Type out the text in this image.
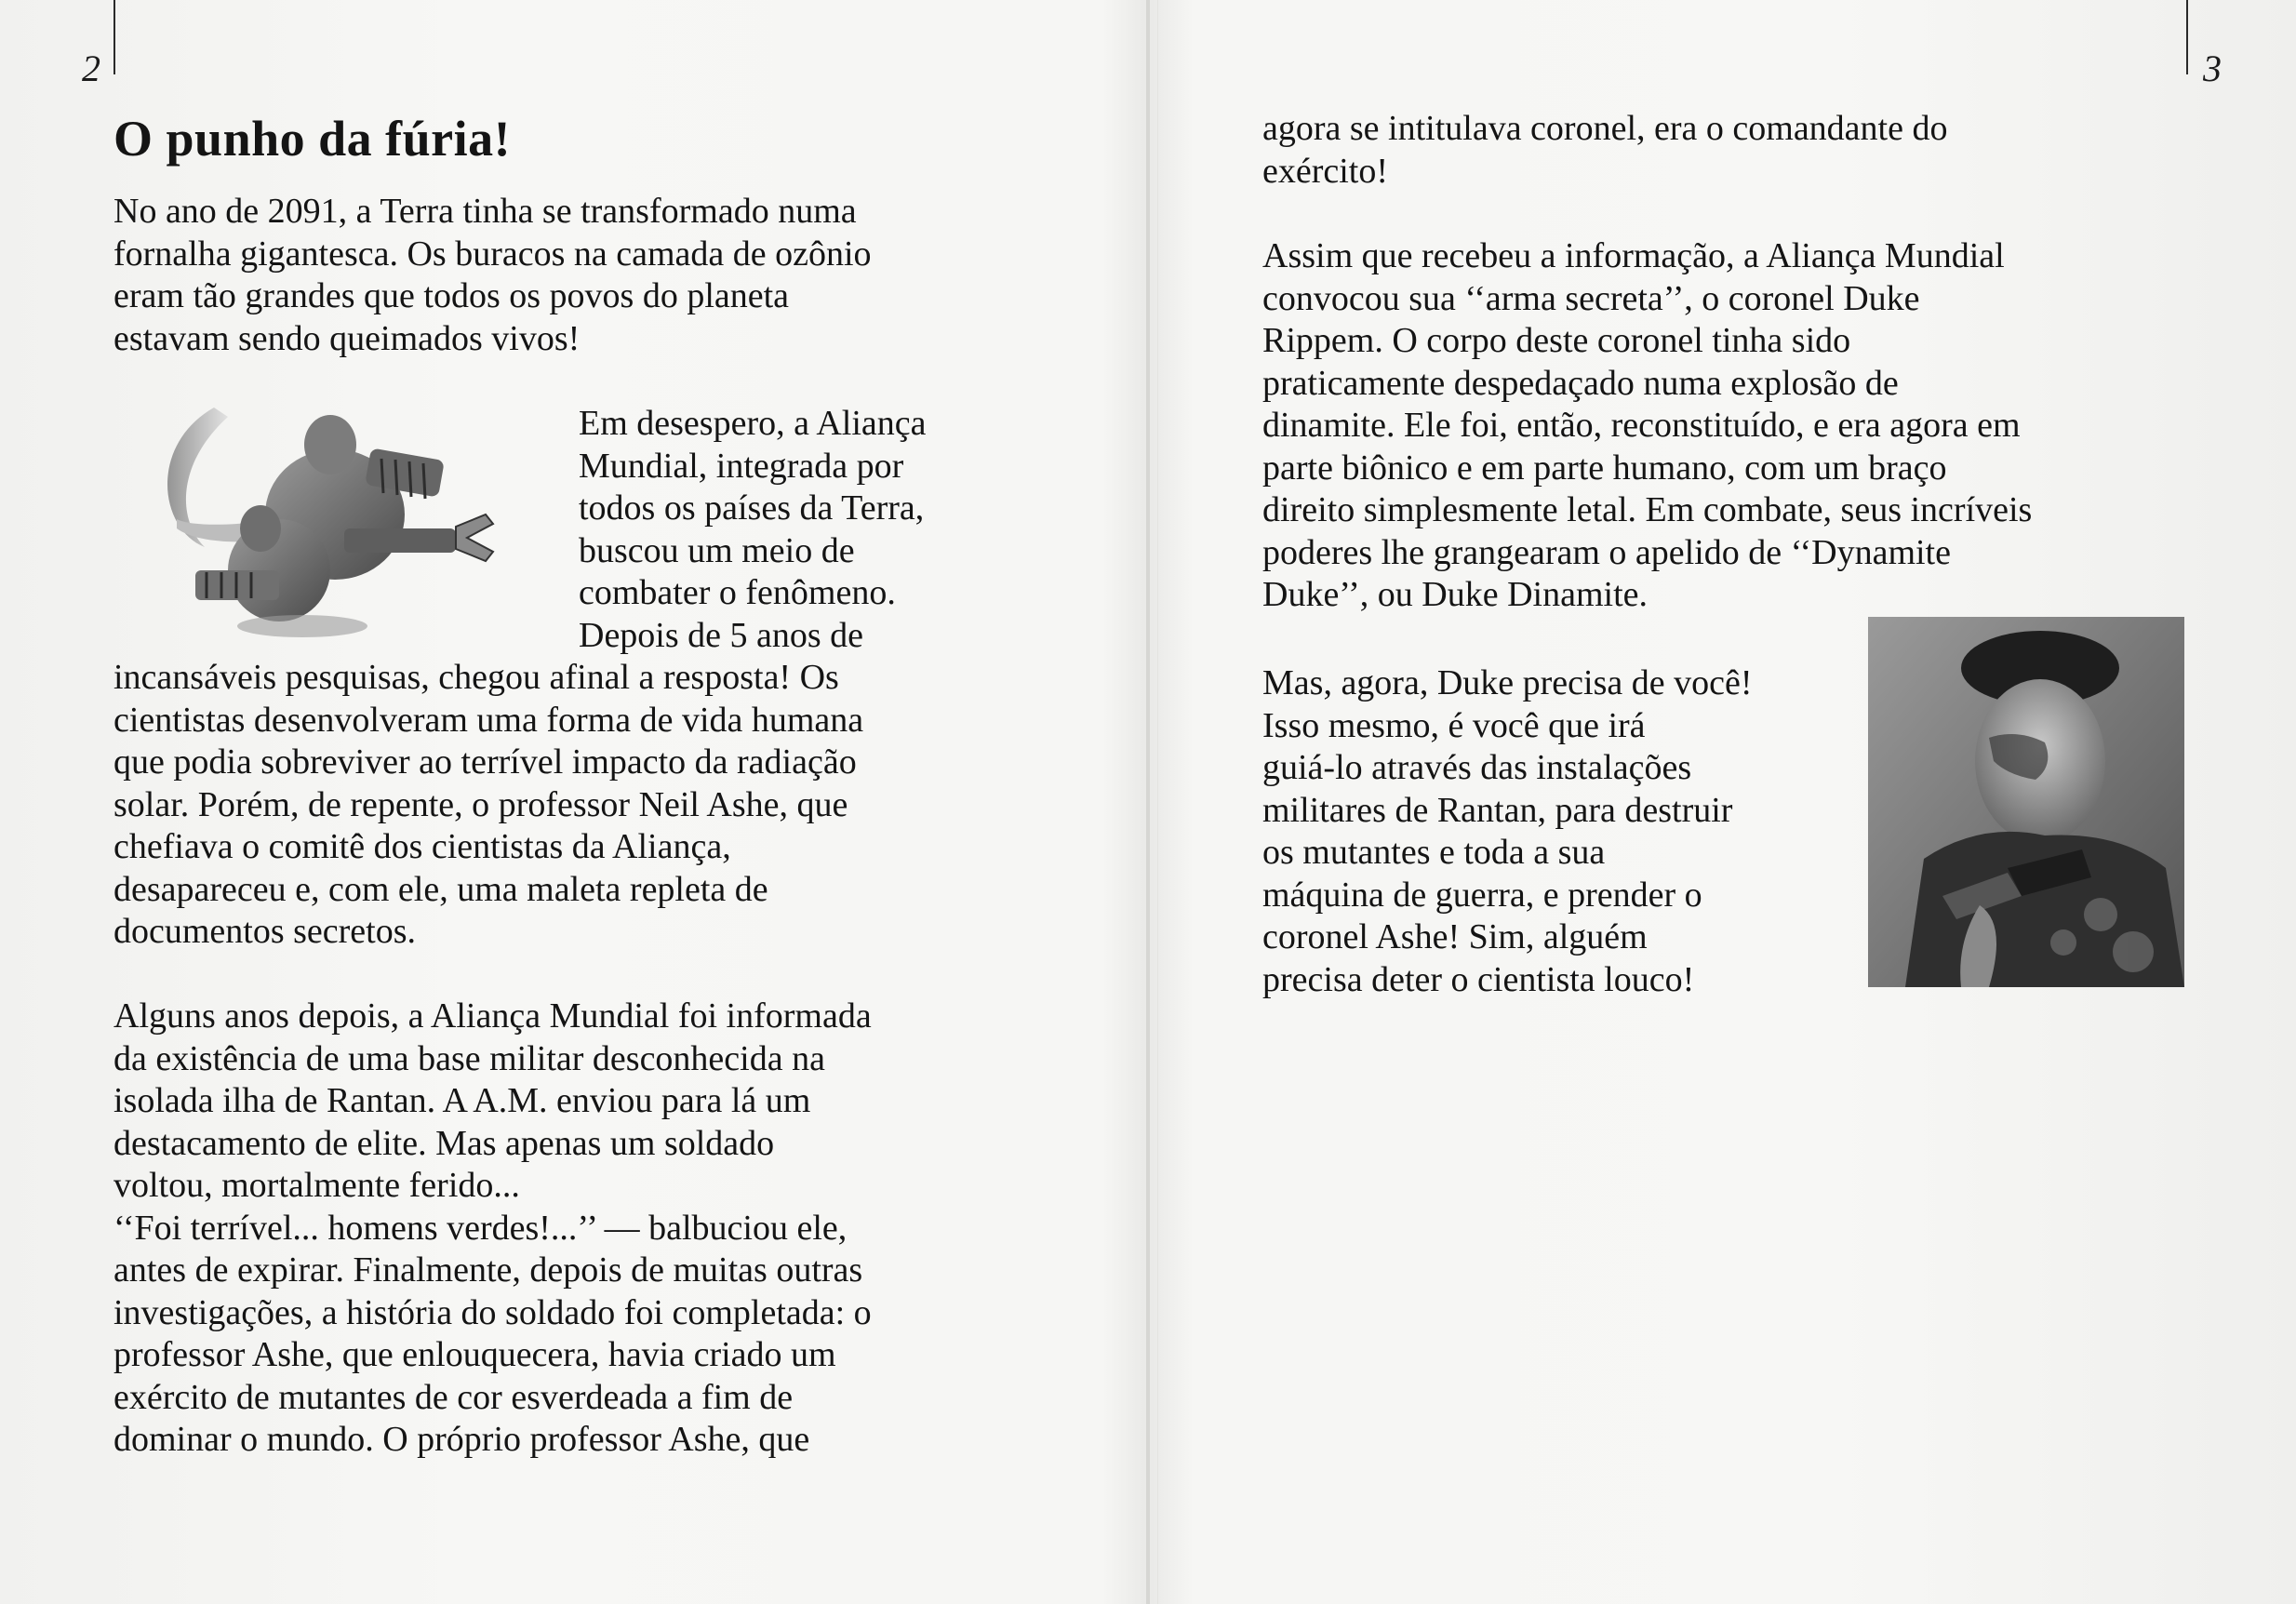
2	3
O punho da fúria!
No ano de 2091, a Terra tinha se transformado numa
fornalha gigantesca. Os buracos na camada de ozônio
eram tão grandes que todos os povos do planeta
estavam sendo queimados vivos!
Em desespero, a Aliança
Mundial, integrada por
todos os países da Terra,
buscou um meio de
combater o fenômeno.
Depois de 5 anos de
incansáveis pesquisas, chegou afinal a resposta! Os
cientistas desenvolveram uma forma de vida humana
que podia sobreviver ao terrível impacto da radiação
solar. Porém, de repente, o professor Neil Ashe, que
chefiava o comitê dos cientistas da Aliança,
desapareceu e, com ele, uma maleta repleta de
documentos secretos.
Alguns anos depois, a Aliança Mundial foi informada
da existência de uma base militar desconhecida na
isolada ilha de Rantan. A A.M. enviou para lá um
destacamento de elite. Mas apenas um soldado
voltou, mortalmente ferido...
‘‘Foi terrível... homens verdes!...’’ — balbuciou ele,
antes de expirar. Finalmente, depois de muitas outras
investigações, a história do soldado foi completada: o
professor Ashe, que enlouquecera, havia criado um
exército de mutantes de cor esverdeada a fim de
dominar o mundo. O próprio professor Ashe, que
agora se intitulava coronel, era o comandante do
exército!
Assim que recebeu a informação, a Aliança Mundial
convocou sua ‘‘arma secreta’’, o coronel Duke
Rippem. O corpo deste coronel tinha sido
praticamente despedaçado numa explosão de
dinamite. Ele foi, então, reconstituído, e era agora em
parte biônico e em parte humano, com um braço
direito simplesmente letal. Em combate, seus incríveis
poderes lhe grangearam o apelido de ‘‘Dynamite
Duke’’, ou Duke Dinamite.
Mas, agora, Duke precisa de você!
Isso mesmo, é você que irá
guiá-lo através das instalações
militares de Rantan, para destruir
os mutantes e toda a sua
máquina de guerra, e prender o
coronel Ashe! Sim, alguém
precisa deter o cientista louco!
